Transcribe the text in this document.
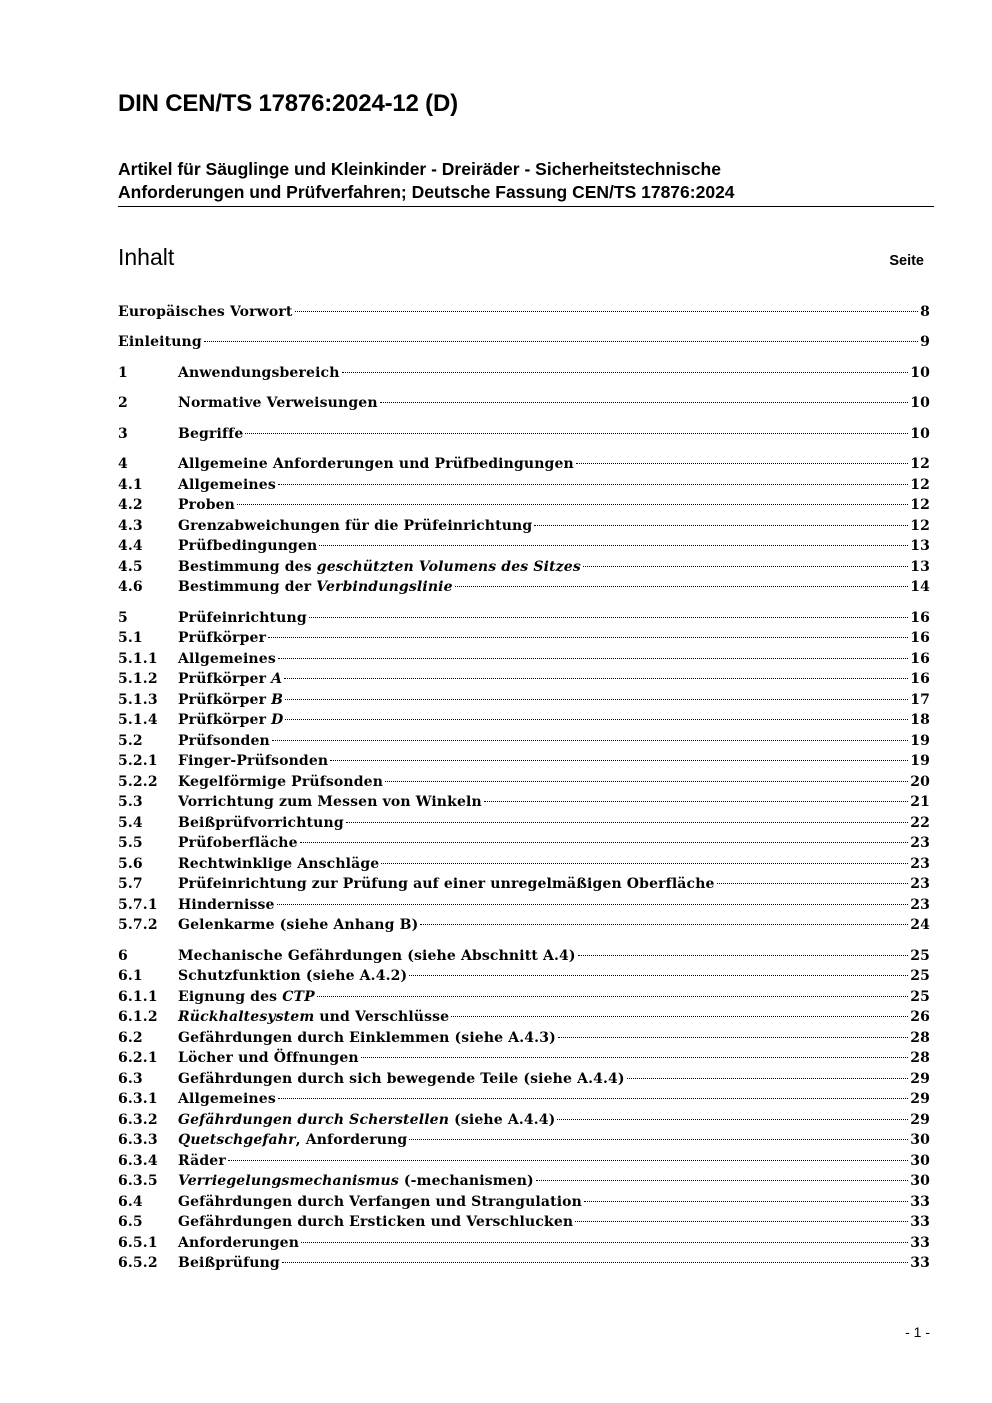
DIN CEN/TS 17876:2024-12 (D)
Artikel für Säuglinge und Kleinkinder - Dreiräder - Sicherheitstechnische
Anforderungen und Prüfverfahren; Deutsche Fassung CEN/TS 17876:2024
Inhalt	Seite
Europäisches Vorwort	8
Einleitung	9
1	Anwendungsbereich	10
2	Normative Verweisungen	10
3	Begriffe	10
4	Allgemeine Anforderungen und Prüfbedingungen	12
4.1	Allgemeines	12
4.2	Proben	12
4.3	Grenzabweichungen für die Prüfeinrichtung	12
4.4	Prüfbedingungen	13
4.5	Bestimmung des geschützten Volumens des Sitzes	13
4.6	Bestimmung der Verbindungslinie	14
5	Prüfeinrichtung	16
5.1	Prüfkörper	16
5.1.1	Allgemeines	16
5.1.2	Prüfkörper A	16
5.1.3	Prüfkörper B	17
5.1.4	Prüfkörper D	18
5.2	Prüfsonden	19
5.2.1	Finger-Prüfsonden	19
5.2.2	Kegelförmige Prüfsonden	20
5.3	Vorrichtung zum Messen von Winkeln	21
5.4	Beißprüfvorrichtung	22
5.5	Prüfoberfläche	23
5.6	Rechtwinklige Anschläge	23
5.7	Prüfeinrichtung zur Prüfung auf einer unregelmäßigen Oberfläche	23
5.7.1	Hindernisse	23
5.7.2	Gelenkarme (siehe Anhang B)	24
6	Mechanische Gefährdungen (siehe Abschnitt A.4)	25
6.1	Schutzfunktion (siehe A.4.2)	25
6.1.1	Eignung des CTP	25
6.1.2	Rückhaltesystem und Verschlüsse	26
6.2	Gefährdungen durch Einklemmen (siehe A.4.3)	28
6.2.1	Löcher und Öffnungen	28
6.3	Gefährdungen durch sich bewegende Teile (siehe A.4.4)	29
6.3.1	Allgemeines	29
6.3.2	Gefährdungen durch Scherstellen (siehe A.4.4)	29
6.3.3	Quetschgefahr, Anforderung	30
6.3.4	Räder	30
6.3.5	Verriegelungsmechanismus (-mechanismen)	30
6.4	Gefährdungen durch Verfangen und Strangulation	33
6.5	Gefährdungen durch Ersticken und Verschlucken	33
6.5.1	Anforderungen	33
6.5.2	Beißprüfung	33
- 1 -
